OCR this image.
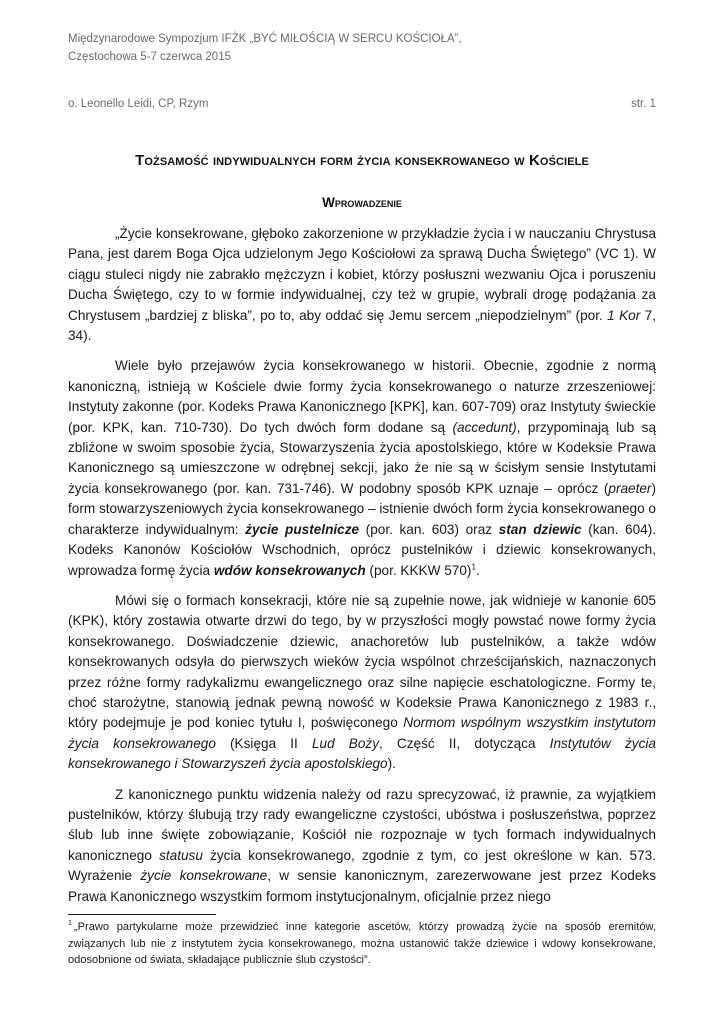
Międzynarodowe Sympozjum IFŻK „BYĆ MIŁOŚCIĄ W SERCU KOŚCIOŁA”,
Częstochowa 5-7 czerwca 2015
o. Leonello Leidi, CP, Rzym	str. 1
Tożsamość indywidualnych form życia konsekrowanego w Kościele
Wprowadzenie

„Życie konsekrowane, głęboko zakorzenione w przykładzie życia i w nauczaniu Chrystusa Pana, jest darem Boga Ojca udzielonym Jego Kościołowi za sprawą Ducha Świętego” (VC 1). W ciągu stuleci nigdy nie zabrakło mężczyzn i kobiet, którzy posłuszni wezwaniu Ojca i poruszeniu Ducha Świętego, czy to w formie indywidualnej, czy też w grupie, wybrali drogę podążania za Chrystusem „bardziej z bliska”, po to, aby oddać się Jemu sercem „niepodzielnym” (por. 1 Kor 7, 34).

Wiele było przejawów życia konsekrowanego w historii. Obecnie, zgodnie z normą kanoniczną, istnieją w Kościele dwie formy życia konsekrowanego o naturze zrzeszeniowej: Instytuty zakonne (por. Kodeks Prawa Kanonicznego [KPK], kan. 607-709) oraz Instytuty świeckie (por. KPK, kan. 710-730). Do tych dwóch form dodane są (accedunt), przypominają lub są zbliżone w swoim sposobie życia, Stowarzyszenia życia apostolskiego, które w Kodeksie Prawa Kanonicznego są umieszczone w odrębnej sekcji, jako że nie są w ścisłym sensie Instytutami życia konsekrowanego (por. kan. 731-746). W podobny sposób KPK uznaje – oprócz (praeter) form stowarzyszeniowych życia konsekrowanego – istnienie dwóch form życia konsekrowanego o charakterze indywidualnym: życie pustelnicze (por. kan. 603) oraz stan dziewic (kan. 604). Kodeks Kanonów Kościołów Wschodnich, oprócz pustelników i dziewic konsekrowanych, wprowadza formę życia wdów konsekrowanych (por. KKKW 570)$^1$.

Mówi się o formach konsekracji, które nie są zupełnie nowe, jak widnieje w kanonie 605 (KPK), który zostawia otwarte drzwi do tego, by w przyszłości mogły powstać nowe formy życia konsekrowanego. Doświadczenie dziewic, anachoretów lub pustelników, a także wdów konsekrowanych odsyła do pierwszych wieków życia wspólnot chrześcijańskich, naznaczonych przez różne formy radykalizmu ewangelicznego oraz silne napięcie eschatologiczne. Formy te, choć starożytne, stanowią jednak pewną nowość w Kodeksie Prawa Kanonicznego z 1983 r., który podejmuje je pod koniec tytułu I, poświęconego Normom wspólnym wszystkim instytutom życia konsekrowanego (Księga II Lud Boży, Część II, dotycząca Instytutów życia konsekrowanego i Stowarzyszeń życia apostolskiego).

Z kanonicznego punktu widzenia należy od razu sprecyzować, iż prawnie, za wyjątkiem pustelników, którzy ślubują trzy rady ewangeliczne czystości, ubóstwa i posłuszeństwa, poprzez ślub lub inne święte zobowiązanie, Kościół nie rozpoznaje w tych formach indywidualnych kanonicznego statusu życia konsekrowanego, zgodnie z tym, co jest określone w kan. 573. Wyrażenie życie konsekrowane, w sensie kanonicznym, zarezerwowane jest przez Kodeks Prawa Kanonicznego wszystkim formom instytucjonalnym, oficjalnie przez niego

$^1$ „Prawo partykularne może przewidzieć inne kategorie ascetów, którzy prowadzą życie na sposób eremitów, związanych lub nie z instytutem życia konsekrowanego, można ustanowić także dziewice i wdowy konsekrowane, odosobnione od świata, składające publicznie ślub czystości”.
